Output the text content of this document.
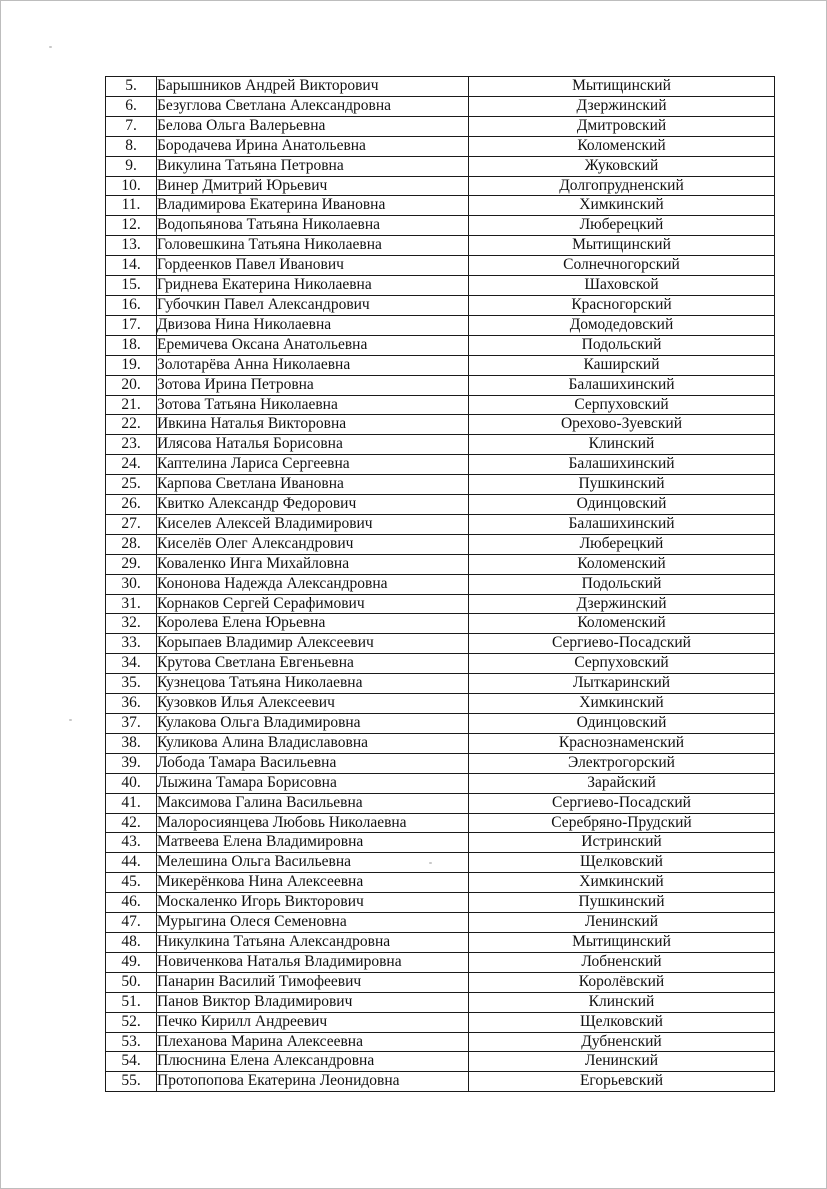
5.	Барышников Андрей Викторович	Мытищинский
6.	Безуглова Светлана Александровна	Дзержинский
7.	Белова Ольга Валерьевна	Дмитровский
8.	Бородачева Ирина Анатольевна	Коломенский
9.	Викулина Татьяна Петровна	Жуковский
10.	Винер Дмитрий Юрьевич	Долгопрудненский
11.	Владимирова Екатерина Ивановна	Химкинский
12.	Водопьянова Татьяна Николаевна	Люберецкий
13.	Головешкина Татьяна Николаевна	Мытищинский
14.	Гордеенков Павел Иванович	Солнечногорский
15.	Гриднева Екатерина Николаевна	Шаховской
16.	Губочкин Павел Александрович	Красногорский
17.	Двизова Нина Николаевна	Домодедовский
18.	Еремичева Оксана Анатольевна	Подольский
19.	Золотарёва Анна Николаевна	Каширский
20.	Зотова Ирина Петровна	Балашихинский
21.	Зотова Татьяна Николаевна	Серпуховский
22.	Ивкина Наталья Викторовна	Орехово-Зуевский
23.	Илясова Наталья Борисовна	Клинский
24.	Каптелина Лариса Сергеевна	Балашихинский
25.	Карпова Светлана Ивановна	Пушкинский
26.	Квитко Александр Федорович	Одинцовский
27.	Киселев Алексей Владимирович	Балашихинский
28.	Киселёв Олег Александрович	Люберецкий
29.	Коваленко Инга Михайловна	Коломенский
30.	Кононова Надежда Александровна	Подольский
31.	Корнаков Сергей Серафимович	Дзержинский
32.	Королева Елена Юрьевна	Коломенский
33.	Корыпаев Владимир Алексеевич	Сергиево-Посадский
34.	Крутова Светлана Евгеньевна	Серпуховский
35.	Кузнецова Татьяна Николаевна	Лыткаринский
36.	Кузовков Илья Алексеевич	Химкинский
37.	Кулакова Ольга Владимировна	Одинцовский
38.	Куликова Алина Владиславовна	Краснознаменский
39.	Лобода Тамара Васильевна	Электрогорский
40.	Лыжина Тамара Борисовна	Зарайский
41.	Максимова Галина Васильевна	Сергиево-Посадский
42.	Малоросиянцева Любовь Николаевна	Серебряно-Прудский
43.	Матвеева Елена Владимировна	Истринский
44.	Мелешина Ольга Васильевна	Щелковский
45.	Микерёнкова Нина Алексеевна	Химкинский
46.	Москаленко Игорь Викторович	Пушкинский
47.	Мурыгина Олеся Семеновна	Ленинский
48.	Никулкина Татьяна Александровна	Мытищинский
49.	Новиченкова Наталья Владимировна	Лобненский
50.	Панарин Василий Тимофеевич	Королёвский
51.	Панов Виктор Владимирович	Клинский
52.	Печко Кирилл Андреевич	Щелковский
53.	Плеханова Марина Алексеевна	Дубненский
54.	Плюснина Елена Александровна	Ленинский
55.	Протопопова Екатерина Леонидовна	Егорьевский
